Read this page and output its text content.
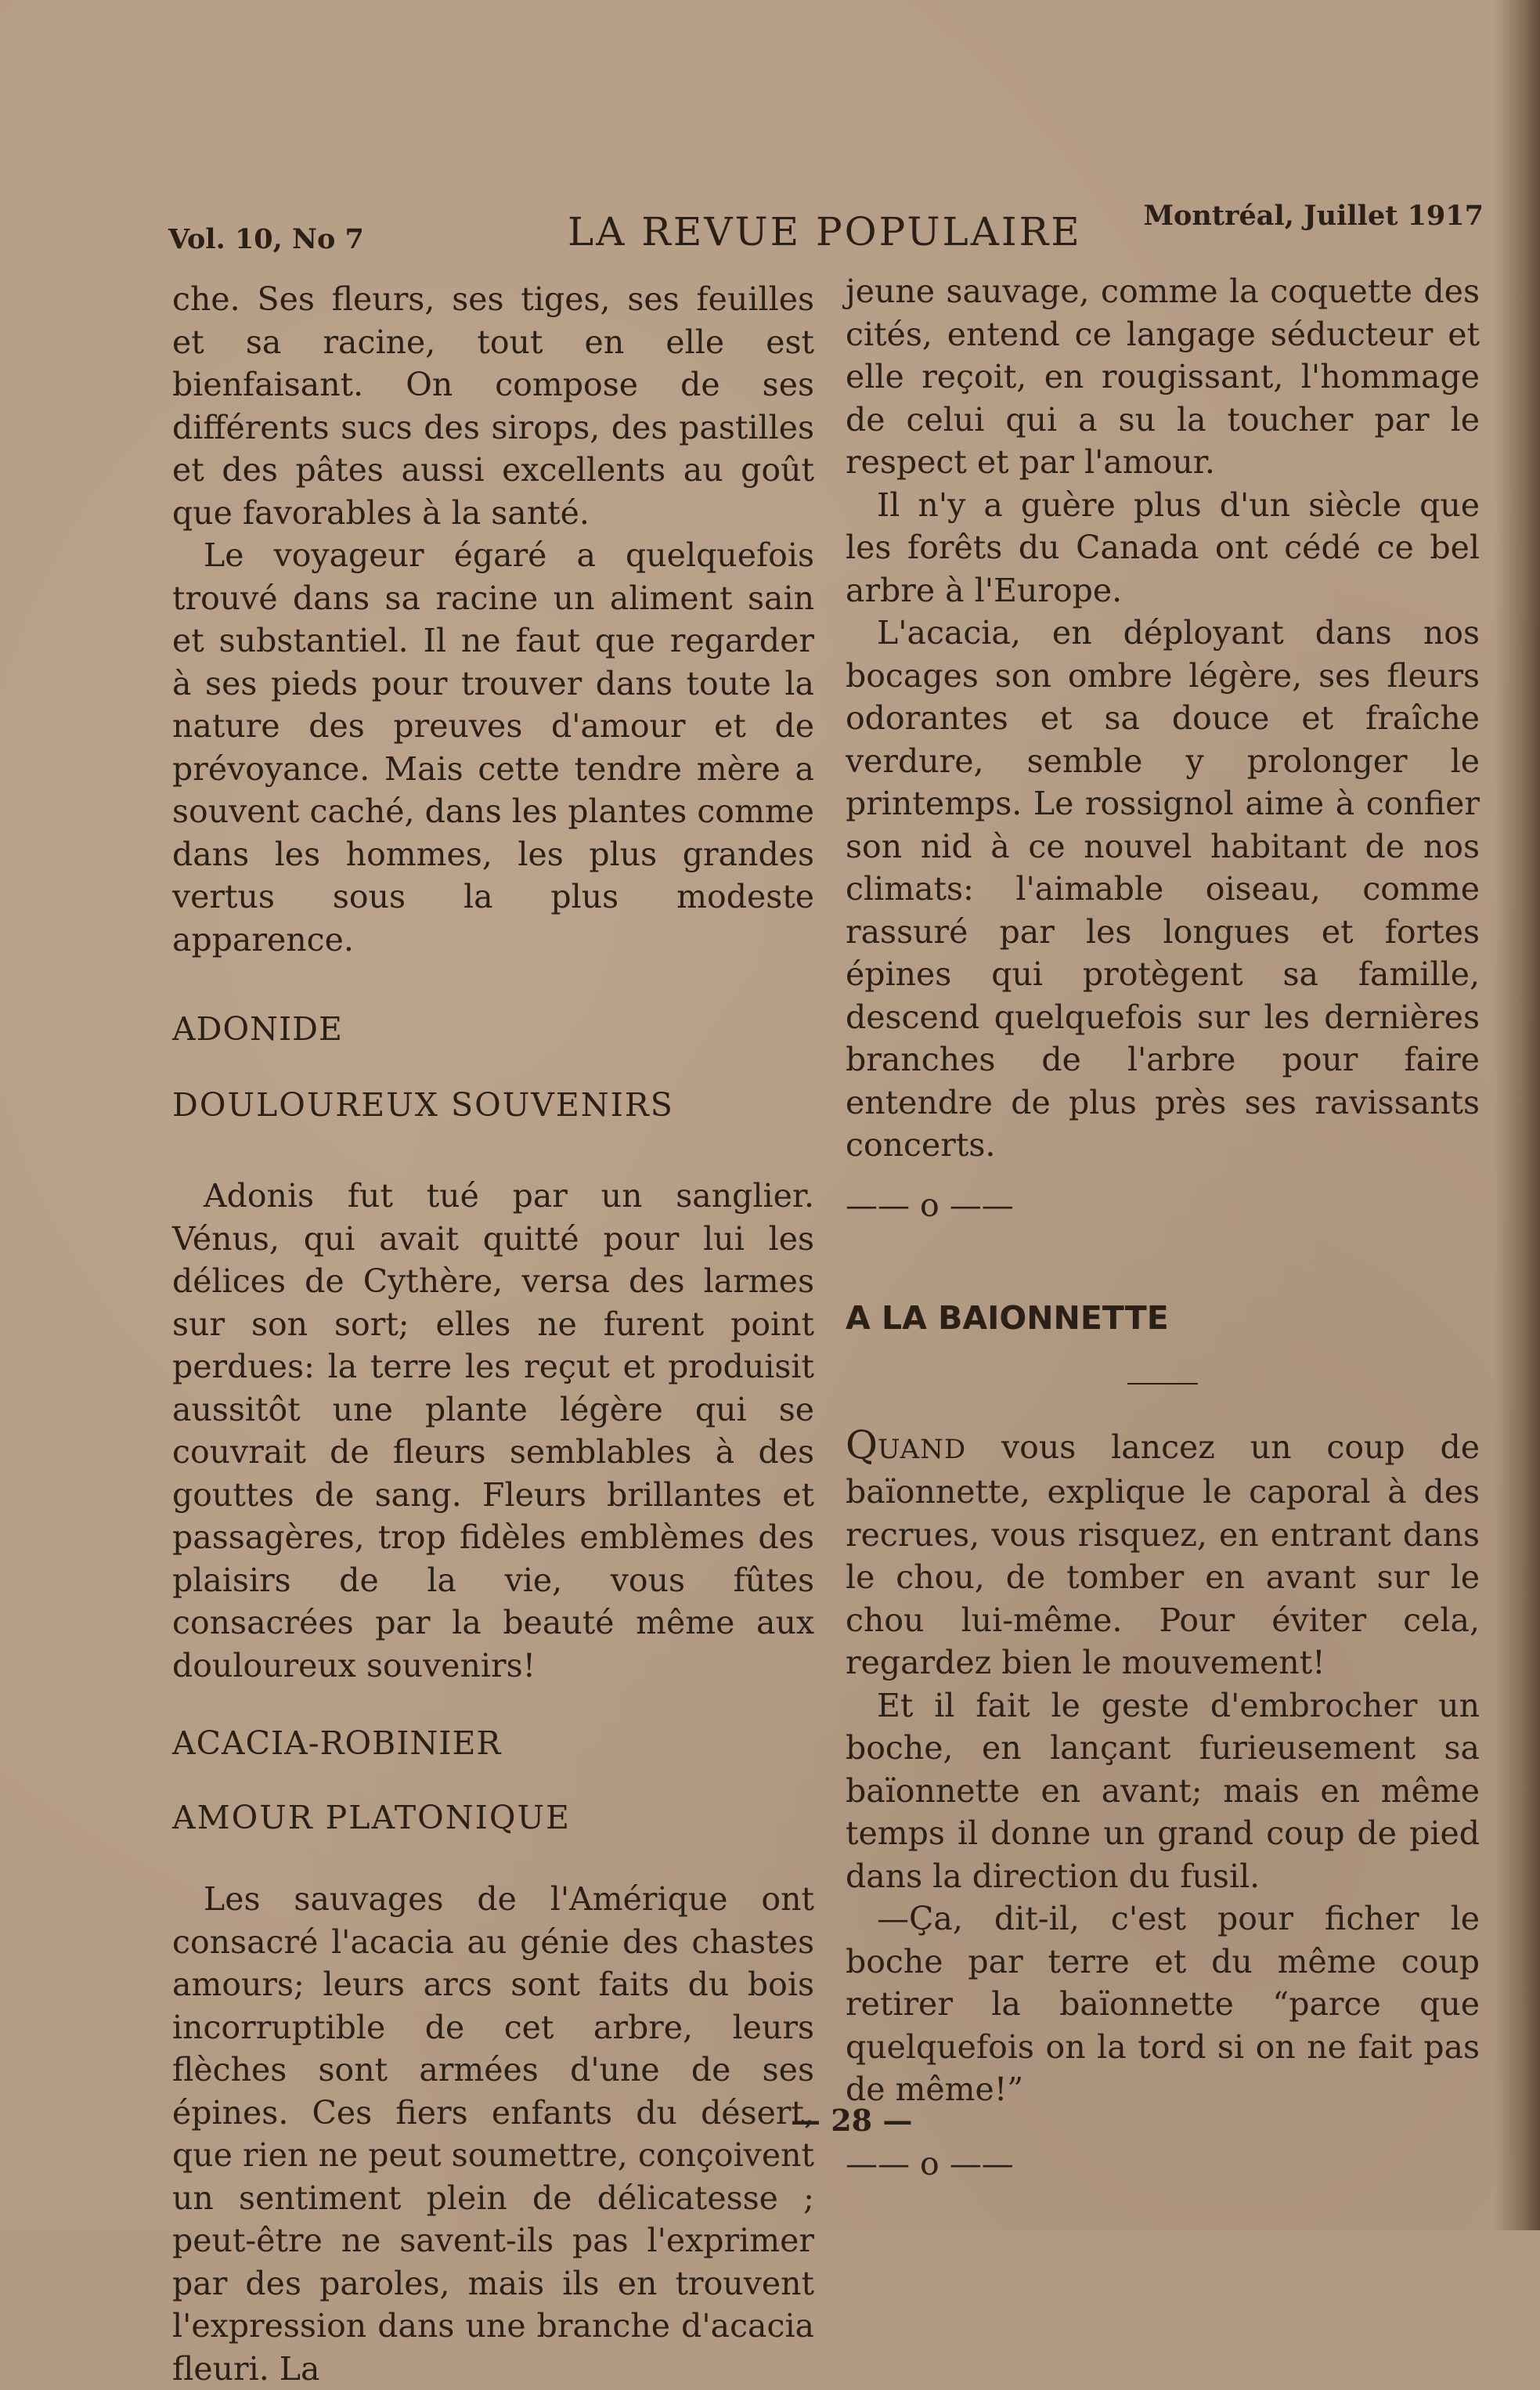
Vol. 10, No 7	LA REVUE POPULAIRE Montréal, Juillet 1917

che. Ses fleurs, ses tiges, ses feuilles et sa racine, tout en elle est bienfaisant. On compose de ses différents sucs des sirops, des pastilles et des pâtes aussi excellents au goût que favorables à la santé.

Le voyageur égaré a quelquefois trouvé dans sa racine un aliment sain et substantiel. Il ne faut que regarder à ses pieds pour trouver dans toute la nature des preuves d'amour et de prévoyance. Mais cette tendre mère a souvent caché, dans les plantes comme dans les hommes, les plus grandes vertus sous la plus modeste apparence.

ADONIDE

DOULOUREUX SOUVENIRS

Adonis fut tué par un sanglier. Vénus, qui avait quitté pour lui les délices de Cythère, versa des larmes sur son sort; elles ne furent point perdues: la terre les reçut et produisit aussitôt une plante légère qui se couvrait de fleurs semblables à des gouttes de sang. Fleurs brillantes et passagères, trop fidèles emblèmes des plaisirs de la vie, vous fûtes consacrées par la beauté même aux douloureux souvenirs!

ACACIA-ROBINIER

AMOUR PLATONIQUE

Les sauvages de l'Amérique ont consacré l'acacia au génie des chastes amours; leurs arcs sont faits du bois incorruptible de cet arbre, leurs flèches sont armées d'une de ses épines. Ces fiers enfants du désert, que rien ne peut soumettre, conçoivent un sentiment plein de délicatesse ; peut-être ne savent-ils pas l'exprimer par des paroles, mais ils en trouvent l'expression dans une branche d'acacia fleuri. La

jeune sauvage, comme la coquette des cités, entend ce langage séducteur et elle reçoit, en rougissant, l'hommage de celui qui a su la toucher par le respect et par l'amour.

Il n'y a guère plus d'un siècle que les forêts du Canada ont cédé ce bel arbre à l'Europe.

L'acacia, en déployant dans nos bocages son ombre légère, ses fleurs odorantes et sa douce et fraîche verdure, semble y prolonger le printemps. Le rossignol aime à confier son nid à ce nouvel habitant de nos climats: l'aimable oiseau, comme rassuré par les longues et fortes épines qui protègent sa famille, descend quelquefois sur les dernières branches de l'arbre pour faire entendre de plus près ses ravissants concerts.

—— o ——

A LA BAIONNETTE

QUAND vous lancez un coup de baïonnette, explique le caporal à des recrues, vous risquez, en entrant dans le chou, de tomber en avant sur le chou lui-même. Pour éviter cela, regardez bien le mouvement!

Et il fait le geste d'embrocher un boche, en lançant furieusement sa baïonnette en avant; mais en même temps il donne un grand coup de pied dans la direction du fusil.

—Ça, dit-il, c'est pour ficher le boche par terre et du même coup retirer la baïonnette “parce que quelquefois on la tord si on ne fait pas de même!”

—— o ——

— 28 —
